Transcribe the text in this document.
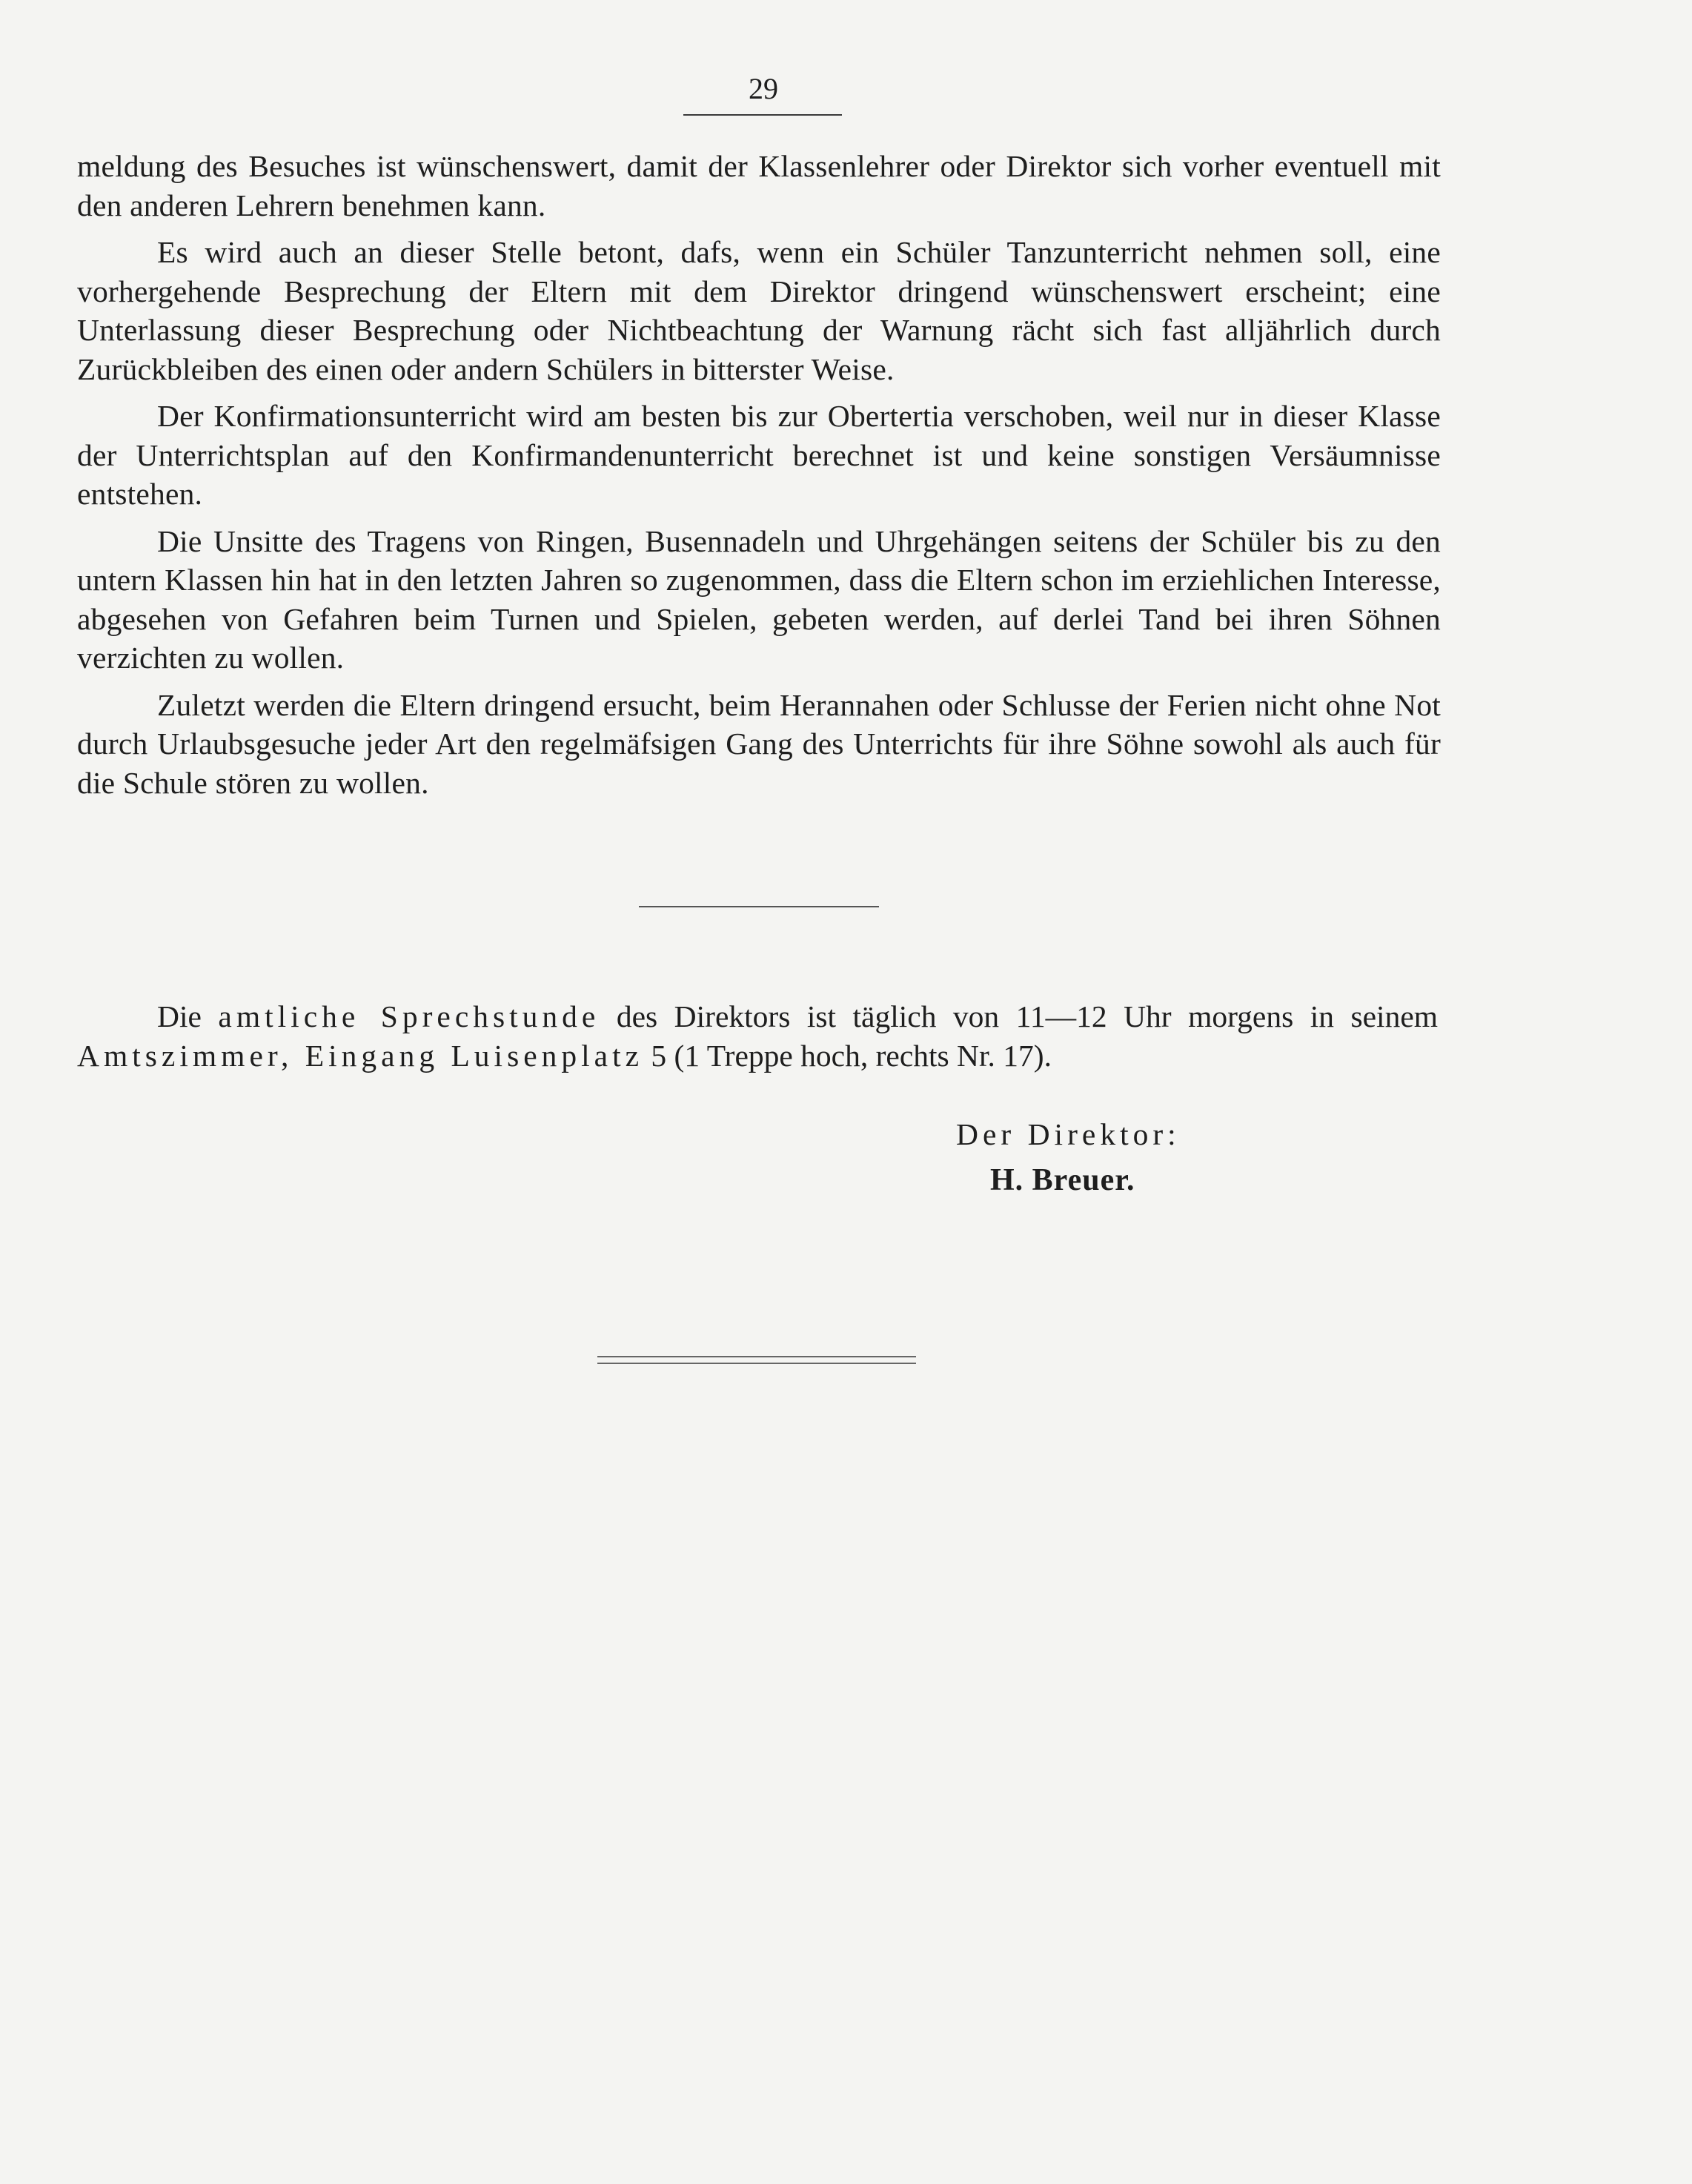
29

meldung des Besuches ist wünschenswert, damit der Klassenlehrer oder Direktor sich vorher eventuell mit den anderen Lehrern benehmen kann.

Es wird auch an dieser Stelle betont, dafs, wenn ein Schüler Tanzunterricht nehmen soll, eine vorhergehende Besprechung der Eltern mit dem Direktor dringend wünschenswert erscheint; eine Unterlassung dieser Besprechung oder Nichtbeachtung der Warnung rächt sich fast alljährlich durch Zurückbleiben des einen oder andern Schülers in bitterster Weise.

Der Konfirmationsunterricht wird am besten bis zur Obertertia verschoben, weil nur in dieser Klasse der Unterrichtsplan auf den Konfirmandenunterricht berechnet ist und keine sonstigen Versäumnisse entstehen.

Die Unsitte des Tragens von Ringen, Busennadeln und Uhrgehängen seitens der Schüler bis zu den untern Klassen hin hat in den letzten Jahren so zugenommen, dass die Eltern schon im erziehlichen Interesse, abgesehen von Gefahren beim Turnen und Spielen, gebeten werden, auf derlei Tand bei ihren Söhnen verzichten zu wollen.

Zuletzt werden die Eltern dringend ersucht, beim Herannahen oder Schlusse der Ferien nicht ohne Not durch Urlaubsgesuche jeder Art den regelmäfsigen Gang des Unterrichts für ihre Söhne sowohl als auch für die Schule stören zu wollen.

Die amtliche Sprechstunde des Direktors ist täglich von 11—12 Uhr morgens in seinem Amtszimmer, Eingang Luisenplatz 5 (1 Treppe hoch, rechts Nr. 17).

Der Direktor:
H. Breuer.
